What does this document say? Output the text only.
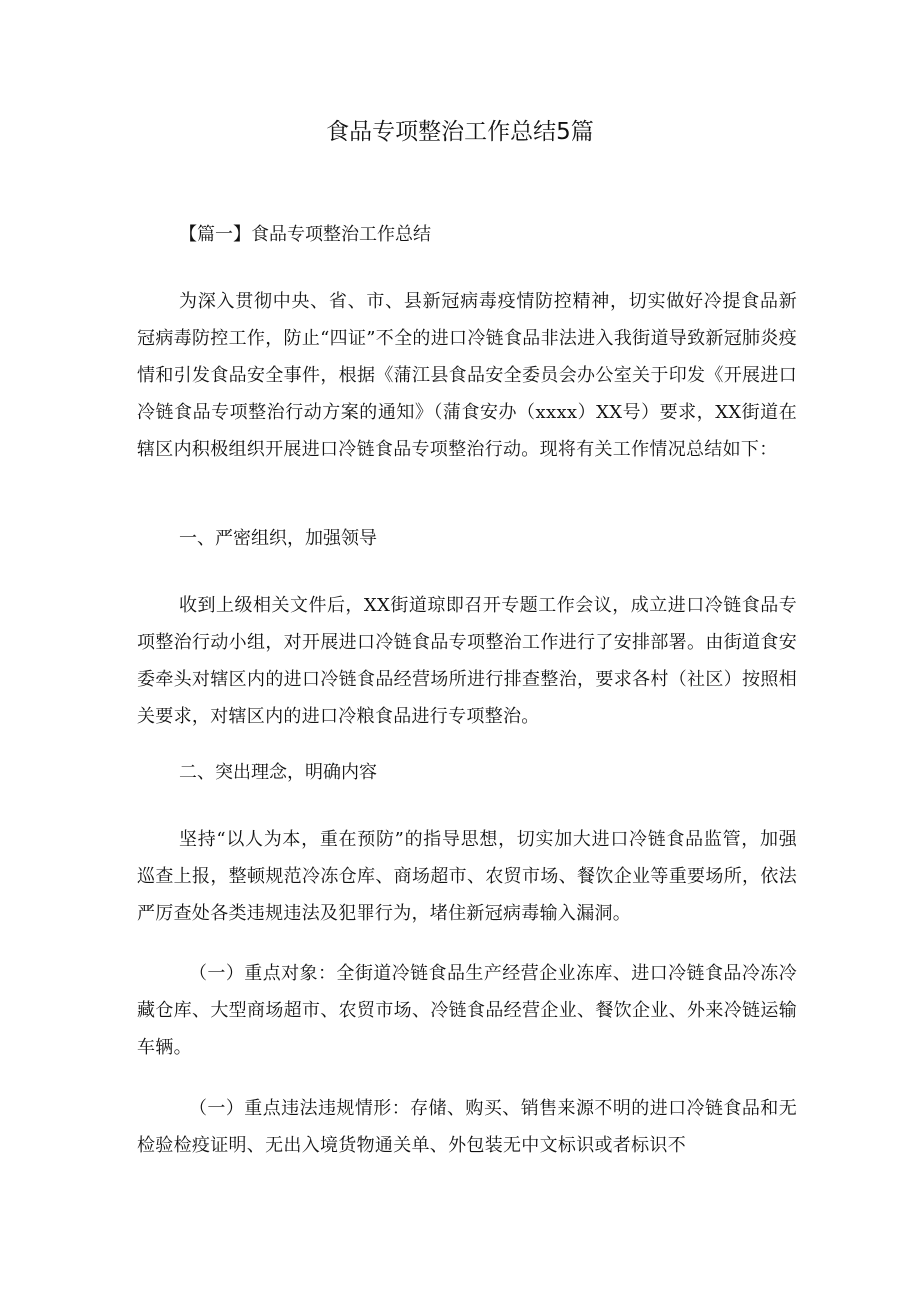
食品专项整治工作总结5篇

【篇一】食品专项整治工作总结

为深入贯彻中央、省、市、县新冠病毒疫情防控精神，切实做好冷提食品新冠病毒防控工作，防止“四证”不全的进口冷链食品非法进入我街道导致新冠肺炎疫情和引发食品安全事件，根据《蒲江县食品安全委员会办公室关于印发《开展进口冷链食品专项整治行动方案的通知》（蒲食安办（xxxx）XX号）要求，XX街道在辖区内积极组织开展进口冷链食品专项整治行动。现将有关工作情况总结如下：

一、严密组织，加强领导

收到上级相关文件后，XX街道琼即召开专题工作会议，成立进口冷链食品专项整治行动小组，对开展进口冷链食品专项整治工作进行了安排部署。由街道食安委牵头对辖区内的进口冷链食品经营场所进行排查整治，要求各村（社区）按照相关要求，对辖区内的进口冷粮食品进行专项整治。

二、突出理念，明确内容

坚持“以人为本，重在预防”的指导思想，切实加大进口冷链食品监管，加强巡查上报，整顿规范冷冻仓库、商场超市、农贸市场、餐饮企业等重要场所，依法严厉查处各类违规违法及犯罪行为，堵住新冠病毒输入漏洞。

（一）重点对象：全街道冷链食品生产经营企业冻库、进口冷链食品冷冻冷藏仓库、大型商场超市、农贸市场、冷链食品经营企业、餐饮企业、外来冷链运输车辆。

（一）重点违法违规情形：存储、购买、销售来源不明的进口冷链食品和无检验检疫证明、无出入境货物通关单、外包装无中文标识或者标识不
